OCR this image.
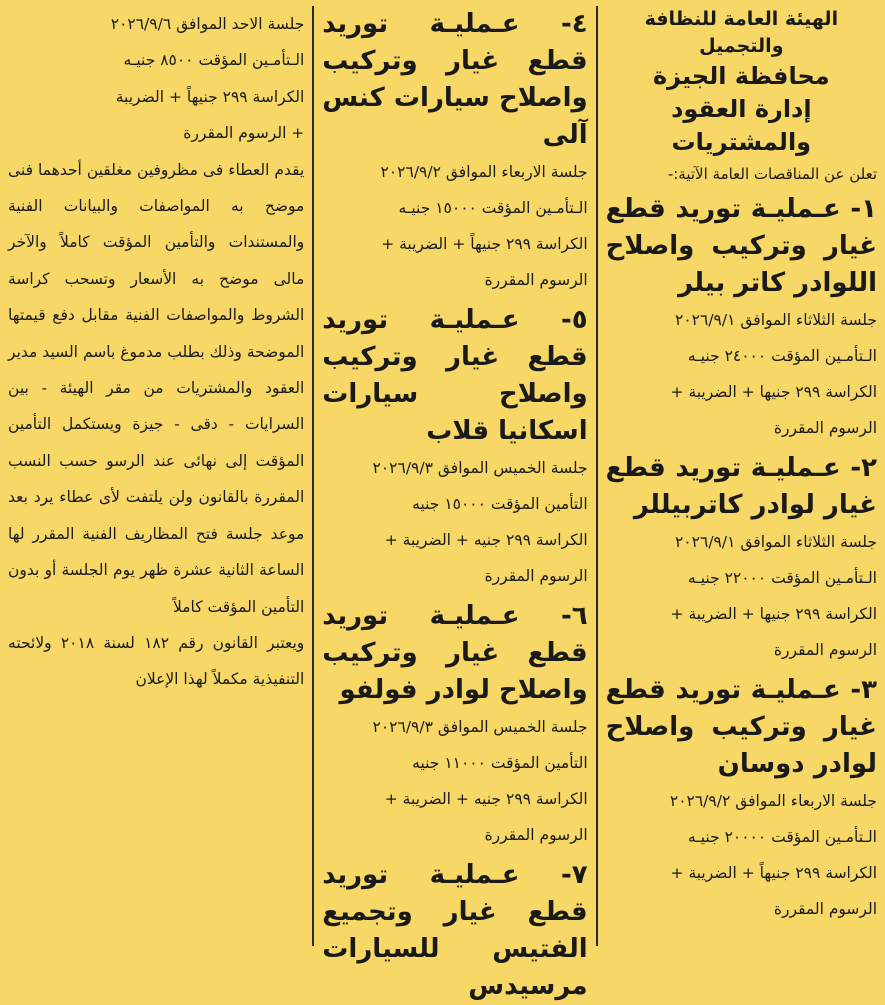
الهيئة العامة للنظافة والتجميل

محافظة الجيزة

إدارة العقود والمشتريات

تعلن عن المناقصات العامة الآتية:-

١- عـمليـة توريد قطع غيار وتركيب واصلاح اللوادر كاتر بيلر

جلسة الثلاثاء الموافق ٢٠٢٦/٩/١

الـتأمـين المؤقت ٢٤٠٠٠ جنيـه

الكراسة ٢٩٩ جنيها + الضريبة +

الرسوم المقررة

٢- عـمليـة توريد قطع غيار لوادر كاتربيللر

جلسة الثلاثاء الموافق ٢٠٢٦/٩/١

الـتأمـين المؤقت ٢٢٠٠٠ جنيـه

الكراسة ٢٩٩ جنيها + الضريبة +

الرسوم المقررة

٣- عـمليـة توريد قطع غيار وتركيب واصلاح لوادر دوسان

جلسة الاربعاء الموافق ٢٠٢٦/٩/٢

الـتأمـين المؤقت ٢٠٠٠٠ جنيـه

الكراسة ٢٩٩ جنيهاً + الضريبة +

الرسوم المقررة

٤- عـمليـة توريد قطع غيار وتركيب واصلاح سيارات كنس آلى

جلسة الاربعاء الموافق ٢٠٢٦/٩/٢

الـتأمـين المؤقت ١٥٠٠٠ جنيـه

الكراسة ٢٩٩ جنيهاً + الضريبة +

الرسوم المقررة

٥- عـمليـة توريد قطع غيار وتركيب واصلاح سيارات اسكانيا قلاب

جلسة الخميس الموافق ٢٠٢٦/٩/٣

التأمين المؤقت ١٥٠٠٠ جنيه

الكراسة ٢٩٩ جنيه + الضريبة +

الرسوم المقررة

٦- عـمليـة توريد قطع غيار وتركيب واصلاح لوادر فولفو

جلسة الخميس الموافق ٢٠٢٦/٩/٣

التأمين المؤقت ١١٠٠٠ جنيه

الكراسة ٢٩٩ جنيه + الضريبة +

الرسوم المقررة

٧- عـمليـة توريد قطع غيار وتجميع الفتيس للسيارات مرسيدس

جلسة الاحد الموافق ٢٠٢٦/٩/٦

الـتأمـين المؤقت ٨٥٠٠ جنيـه

الكراسة ٢٩٩ جنيهاً + الضريبة

+ الرسوم المقررة

يقدم العطاء فى مظروفين مغلقين أحدهما فنى موضح به المواصفات والبيانات الفنية والمستندات والتأمين المؤقت كاملاً والآخر مالى موضح به الأسعار وتسحب كراسة الشروط والمواصفات الفنية مقابل دفع قيمتها الموضحة وذلك بطلب مدموغ باسم السيد مدير العقود والمشتريات من مقر الهيئة - بين السرايات - دقى - جيزة ويستكمل التأمين المؤقت إلى نهائى عند الرسو حسب النسب المقررة بالقانون ولن يلتفت لأى عطاء يرد بعد موعد جلسة فتح المظاريف الفنية المقرر لها الساعة الثانية عشرة ظهر يوم الجلسة أو بدون التأمين المؤقت كاملاً

ويعتبر القانون رقم ١٨٢ لسنة ٢٠١٨ ولائحته التنفيذية مكملاً لهذا الإعلان
